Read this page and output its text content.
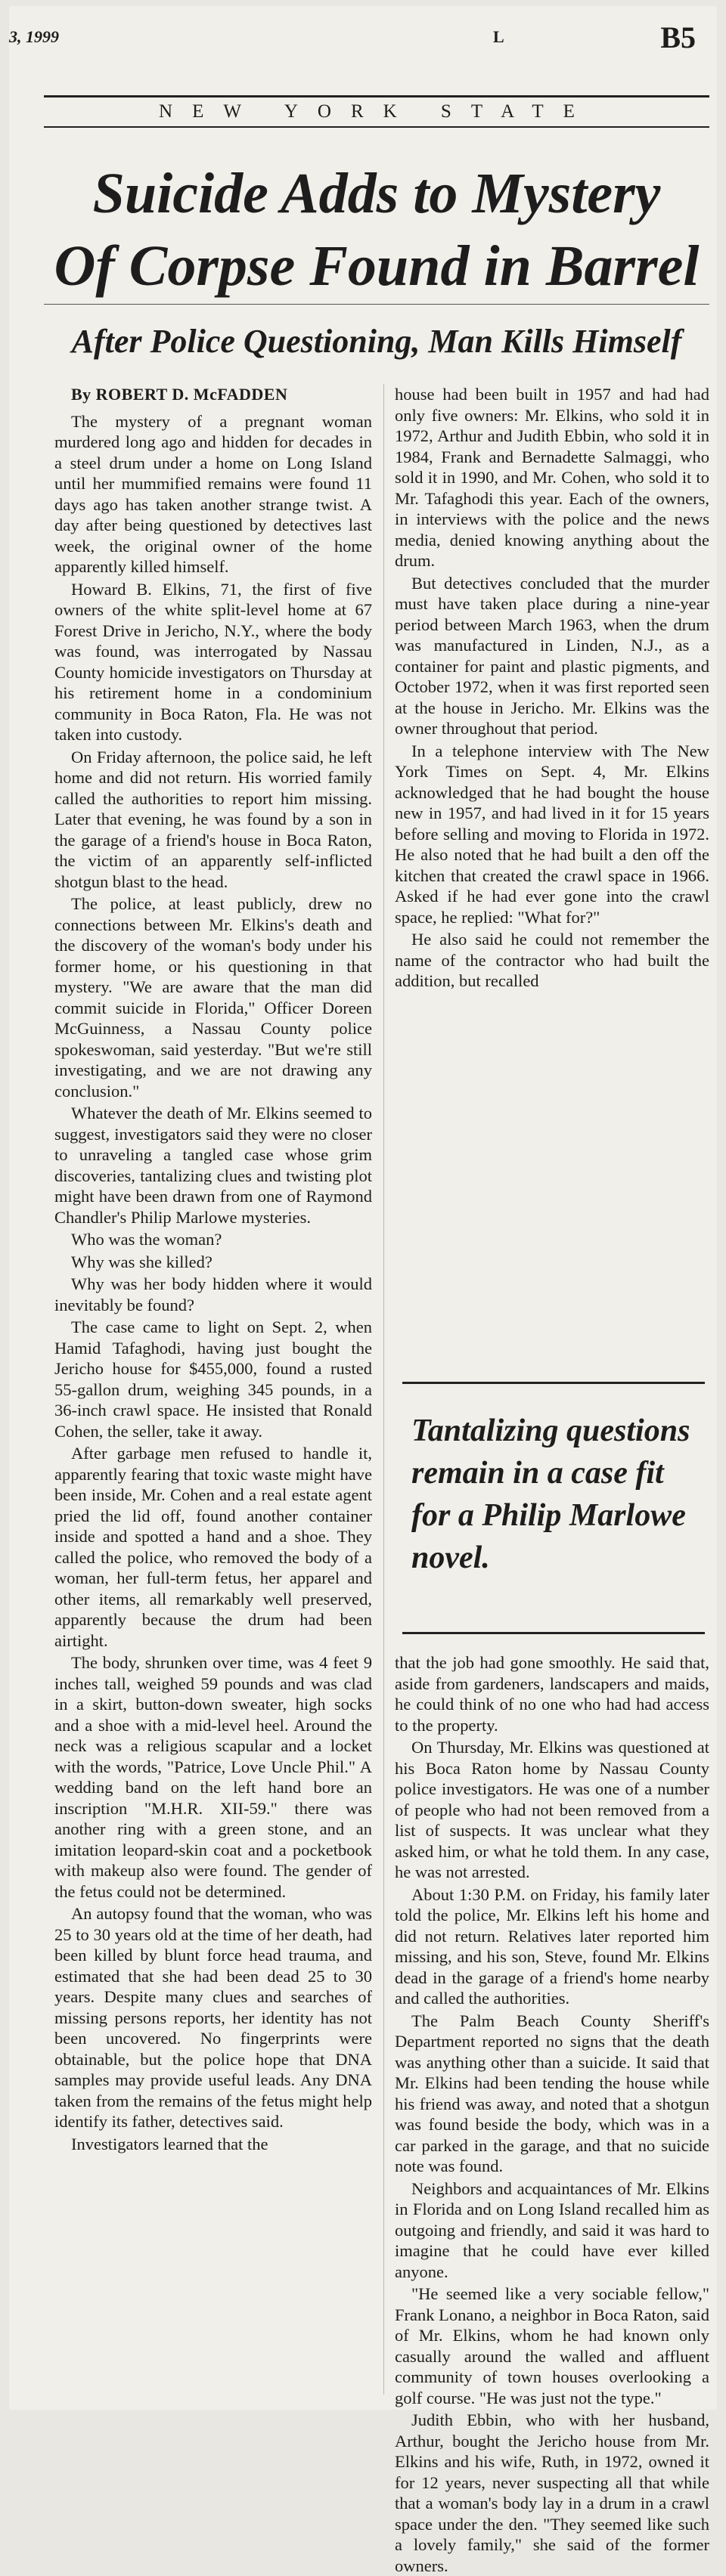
3, 1999	L	B5
NEW YORK STATE
Suicide Adds to Mystery
Of Corpse Found in Barrel
After Police Questioning, Man Kills Himself
By ROBERT D. McFADDEN

The mystery of a pregnant woman murdered long ago and hidden for decades in a steel drum under a home on Long Island until her mummified remains were found 11 days ago has taken another strange twist. A day after being questioned by detectives last week, the original owner of the home apparently killed himself.

Howard B. Elkins, 71, the first of five owners of the white split-level home at 67 Forest Drive in Jericho, N.Y., where the body was found, was interrogated by Nassau County homicide investigators on Thursday at his retirement home in a condominium community in Boca Raton, Fla. He was not taken into custody.

On Friday afternoon, the police said, he left home and did not return. His worried family called the authorities to report him missing. Later that evening, he was found by a son in the garage of a friend's house in Boca Raton, the victim of an apparently self-inflicted shotgun blast to the head.

The police, at least publicly, drew no connections between Mr. Elkins's death and the discovery of the woman's body under his former home, or his questioning in that mystery. "We are aware that the man did commit suicide in Florida," Officer Doreen McGuinness, a Nassau County police spokeswoman, said yesterday. "But we're still investigating, and we are not drawing any conclusion."

Whatever the death of Mr. Elkins seemed to suggest, investigators said they were no closer to unraveling a tangled case whose grim discoveries, tantalizing clues and twisting plot might have been drawn from one of Raymond Chandler's Philip Marlowe mysteries.

Who was the woman?

Why was she killed?

Why was her body hidden where it would inevitably be found?

The case came to light on Sept. 2, when Hamid Tafaghodi, having just bought the Jericho house for $455,000, found a rusted 55-gallon drum, weighing 345 pounds, in a 36-inch crawl space. He insisted that Ronald Cohen, the seller, take it away.

After garbage men refused to handle it, apparently fearing that toxic waste might have been inside, Mr. Cohen and a real estate agent pried the lid off, found another container inside and spotted a hand and a shoe. They called the police, who removed the body of a woman, her full-term fetus, her apparel and other items, all remarkably well preserved, apparently because the drum had been airtight.

The body, shrunken over time, was 4 feet 9 inches tall, weighed 59 pounds and was clad in a skirt, button-down sweater, high socks and a shoe with a mid-level heel. Around the neck was a religious scapular and a locket with the words, "Patrice, Love Uncle Phil." A wedding band on the left hand bore an inscription "M.H.R. XII-59." there was another ring with a green stone, and an imitation leopard-skin coat and a pocketbook with makeup also were found. The gender of the fetus could not be determined.

An autopsy found that the woman, who was 25 to 30 years old at the time of her death, had been killed by blunt force head trauma, and estimated that she had been dead 25 to 30 years. Despite many clues and searches of missing persons reports, her identity has not been uncovered. No fingerprints were obtainable, but the police hope that DNA samples may provide useful leads. Any DNA taken from the remains of the fetus might help identify its father, detectives said.

Investigators learned that the

house had been built in 1957 and had had only five owners: Mr. Elkins, who sold it in 1972, Arthur and Judith Ebbin, who sold it in 1984, Frank and Bernadette Salmaggi, who sold it in 1990, and Mr. Cohen, who sold it to Mr. Tafaghodi this year. Each of the owners, in interviews with the police and the news media, denied knowing anything about the drum.

But detectives concluded that the murder must have taken place during a nine-year period between March 1963, when the drum was manufactured in Linden, N.J., as a container for paint and plastic pigments, and October 1972, when it was first reported seen at the house in Jericho. Mr. Elkins was the owner throughout that period.

In a telephone interview with The New York Times on Sept. 4, Mr. Elkins acknowledged that he had bought the house new in 1957, and had lived in it for 15 years before selling and moving to Florida in 1972. He also noted that he had built a den off the kitchen that created the crawl space in 1966. Asked if he had ever gone into the crawl space, he replied: "What for?"

He also said he could not remember the name of the contractor who had built the addition, but recalled

Tantalizing questions remain in a case fit for a Philip Marlowe novel.

that the job had gone smoothly. He said that, aside from gardeners, landscapers and maids, he could think of no one who had had access to the property.

On Thursday, Mr. Elkins was questioned at his Boca Raton home by Nassau County police investigators. He was one of a number of people who had not been removed from a list of suspects. It was unclear what they asked him, or what he told them. In any case, he was not arrested.

About 1:30 P.M. on Friday, his family later told the police, Mr. Elkins left his home and did not return. Relatives later reported him missing, and his son, Steve, found Mr. Elkins dead in the garage of a friend's home nearby and called the authorities.

The Palm Beach County Sheriff's Department reported no signs that the death was anything other than a suicide. It said that Mr. Elkins had been tending the house while his friend was away, and noted that a shotgun was found beside the body, which was in a car parked in the garage, and that no suicide note was found.

Neighbors and acquaintances of Mr. Elkins in Florida and on Long Island recalled him as outgoing and friendly, and said it was hard to imagine that he could have ever killed anyone.

"He seemed like a very sociable fellow," Frank Lonano, a neighbor in Boca Raton, said of Mr. Elkins, whom he had known only casually around the walled and affluent community of town houses overlooking a golf course. "He was just not the type."

Judith Ebbin, who with her husband, Arthur, bought the Jericho house from Mr. Elkins and his wife, Ruth, in 1972, owned it for 12 years, never suspecting all that while that a woman's body lay in a drum in a crawl space under the den. "They seemed like such a lovely family," she said of the former owners.
